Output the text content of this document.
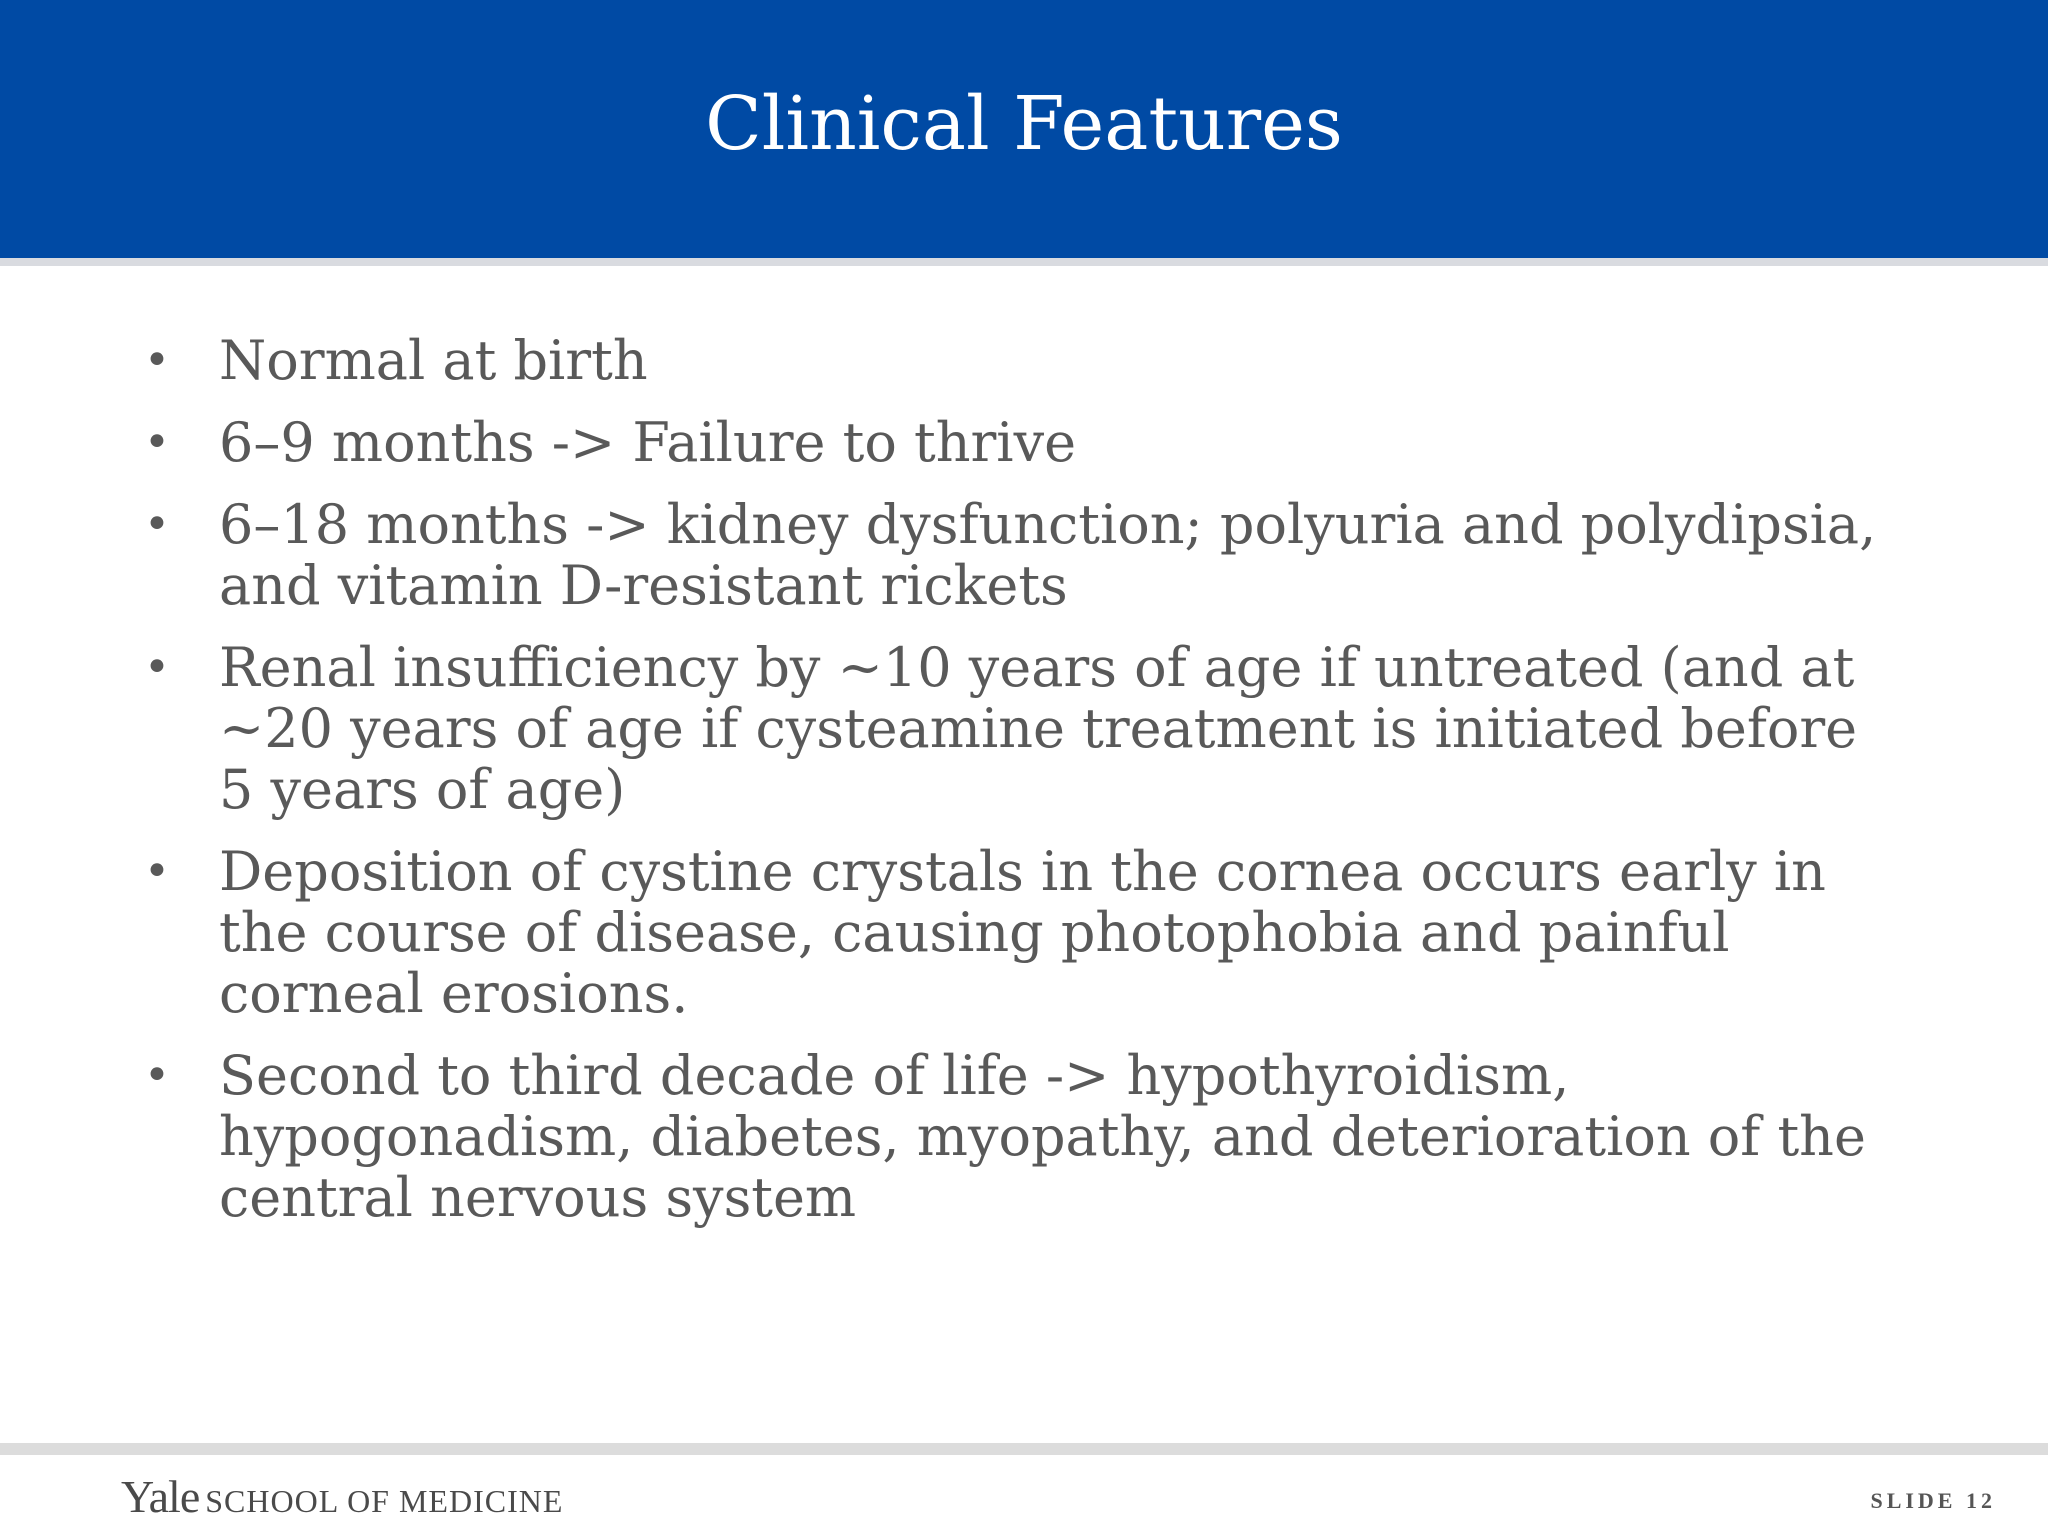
Clinical Features
• Normal at birth
• 6–9 months -> Failure to thrive
• 6–18 months -> kidney dysfunction; polyuria and polydipsia, and vitamin D-resistant rickets
• Renal insufficiency by ~10 years of age if untreated (and at ~20 years of age if cysteamine treatment is initiated before 5 years of age)
• Deposition of cystine crystals in the cornea occurs early in the course of disease, causing photophobia and painful corneal erosions.
• Second to third decade of life -> hypothyroidism, hypogonadism, diabetes, myopathy, and deterioration of the central nervous system
Yale SCHOOL OF MEDICINE	SLIDE 12
